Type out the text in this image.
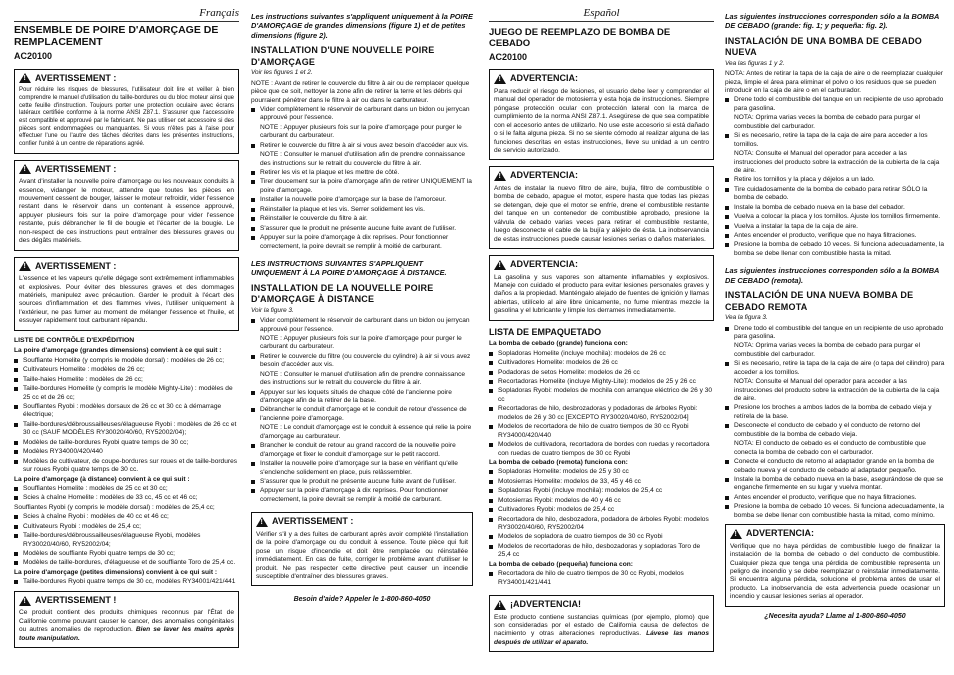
Français
ENSEMBLE DE POIRE D'AMORÇAGE DE REMPLACEMENT
AC20100
! AVERTISSEMENT :

Pour réduire les risques de blessures, l'utilisateur doit lire et veiller à bien comprendre le manuel d'utilisation du taille-bordures ou du bloc moteur ainsi que cette feuille d'instruction. Toujours porter une protection oculaire avec écrans latéraux certifiée conforme à la norme ANSI Z87.1. S'assurer que l'accessoire est compatible et approuvé par le fabricant. Ne pas utiliser cet accessoire si des pièces sont endommagées ou manquantes. Si vous n'êtes pas à l'aise pour effectuer l'une ou l'autre des tâches décrites dans les présentes instructions, confier l'unité à un centre de réparations agréé.

! AVERTISSEMENT :

Avant d'installer la nouvelle poire d'amorçage ou les nouveaux conduits à essence, vidanger le moteur, attendre que toutes les pièces en mouvement cessent de bouger, laisser le moteur refroidir, vider l'essence restant dans le réservoir dans un contenant à essence approuvé, appuyer plusieurs fois sur la poire d'amorçage pour vider l'essence restante, puis débrancher le fil de bougie et l'écarter de la bougie. Le non-respect de ces instructions peut entraîner des blessures graves ou des dégâts matériels.

! AVERTISSEMENT :

L'essence et les vapeurs qu'elle dégage sont extrêmement inflammables et explosives. Pour éviter des blessures graves et des dommages matériels, manipulez avec précaution. Garder le produit à l'écart des sources d'inflammation et des flammes vives, l'utiliser uniquement à l'extérieur, ne pas fumer au moment de mélanger l'essence et l'huile, et essuyer rapidement tout carburant répandu.

LISTE DE CONTRÔLE D'EXPÉDITION
La poire d'amorçage (grandes dimensions) convient à ce qui suit :
Souffiante Homelite (y compris le modèle dorsal) : modèles de 26 cc;
Cultivateurs Homelite : modèles de 26 cc;
Taille-haies Homelite : modèles de 26 cc;
Taille-bordures Homelite (y compris le modèle Mighty-Lite) : modèles de 25 cc et de 26 cc;
Souffiantes Ryobi : modèles dorsaux de 26 cc et 30 cc à démarrage électrique;
Taille-bordures/débroussailleuses/élagueuse Ryobi : modèles de 26 cc et 30 cc (SAUF MODÈLES RY30020/40/60, RY52002/04);
Modèles de taille-bordures Ryobi quatre temps de 30 cc;
Modèles RY34000/420/440
Modèles de cultivateur, de coupe-bordures sur roues et de taille-bordures sur roues Ryobi quatre temps de 30 cc.
La poire d'amorçage (à distance) convient à ce qui suit :
Souffiantes Homelite : modèles de 25 cc et 30 cc;
Scies à chaîne Homelite : modèles de 33 cc, 45 cc et 46 cc;
Souffiantes Ryobi (y compris le modèle dorsal) : modèles de 25,4 cc;
Scies à chaîne Ryobi : modèles de 40 cc et 46 cc;
Cultivateurs Ryobi : modèles de 25,4 cc;
Taille-bordures/débroussailleuses/élagueuse Ryobi, modèles RY30020/40/60, RY52002/04;
Modèles de souffiante Ryobi quatre temps de 30 cc;
Modèles de taille-bordures, d'élagueuse et de souffiante Toro de 25,4 cc.
La poire d'amorçage (petites dimensions) convient à ce qui suit :
Taille-bordures Ryobi quatre temps de 30 cc, modèles RY34001/421/441
! AVERTISSEMENT !

Ce produit contient des produits chimiques reconnus par l'État de Californie comme pouvant causer le cancer, des anomalies congénitales ou autres anomalies de reproduction. Bien se laver les mains après toute manipulation.

Les instructions suivantes s'appliquent uniquement à la POIRE D'AMORÇAGE de grandes dimensions (figure 1) et de petites dimensions (figure 2).
INSTALLATION D'UNE NOUVELLE POIRE D'AMORÇAGE
Voir les figures 1 et 2.
NOTE : Avant de retirer le couvercle du filtre à air ou de remplacer quelque pièce que ce soit, nettoyer la zone afin de retirer la terre et les débris qui pourraient pénétrer dans le filtre à air ou dans le carburateur.
Vider complètement le réservoir de carburant dans un bidon ou jerrycan approuvé pour l'essence.
NOTE : Appuyer plusieurs fois sur la poire d'amorçage pour purger le carburant du carburateur.
Retirer le couvercle du filtre à air si vous avez besoin d'accéder aux vis.
NOTE : Consulter le manuel d'utilisation afin de prendre connaissance des instructions sur le retrait du couvercle du filtre à air.
Retirer les vis et la plaque et les mettre de côté.
Tirer doucement sur la poire d'amorçage afin de retirer UNIQUEMENT la poire d'amorçage.
Installer la nouvelle poire d'amorçage sur la base de l'amorceur.
Réinstaller la plaque et les vis. Serrer solidement les vis.
Réinstaller le couvercle du filtre à air.
S'assurer que le produit ne présente aucune fuite avant de l'utiliser.
Appuyer sur la poire d'amorçage à dix reprises. Pour fonctionner correctement, la poire devrait se remplir à moitié de carburant.
LES INSTRUCTIONS SUIVANTES S'APPLIQUENT UNIQUEMENT À LA POIRE D'AMORÇAGE À DISTANCE.
INSTALLATION DE LA NOUVELLE POIRE D'AMORÇAGE À DISTANCE
Voir la figure 3.
Vider complètement le réservoir de carburant dans un bidon ou jerrycan approuvé pour l'essence.
NOTE : Appuyer plusieurs fois sur la poire d'amorçage pour purger le carburant du carburateur.
Retirer le couvercle du filtre (ou couvercle du cylindre) à air si vous avez besoin d'accéder aux vis.
NOTE : Consulter le manuel d'utilisation afin de prendre connaissance des instructions sur le retrait du couvercle du filtre à air.
Appuyer sur les loquets situés de chaque côté de l'ancienne poire d'amorçage afin de la retirer de la base.
Débrancher le conduit d'amorçage et le conduit de retour d'essence de l'ancienne poire d'amorçage.
NOTE : Le conduit d'amorçage est le conduit à essence qui relie la poire d'amorçage au carburateur.
Brancher le conduit de retour au grand raccord de la nouvelle poire d'amorçage et fixer le conduit d'amorçage sur le petit raccord.
Installer la nouvelle poire d'amorçage sur la base en vérifiant qu'elle s'enclenche solidement en place, puis relâssembler.
S'assurer que le produit ne présente aucune fuite avant de l'utiliser.
Appuyer sur la poire d'amorçage à dix reprises. Pour fonctionner correctement, la poire devrait se remplir à moitié de carburant.
! AVERTISSEMENT :

Vérifier s'il y a des fuites de carburant après avoir complété l'installation de la poire d'amorçage ou du conduit à essence. Toute pièce qui fuit pose un risque d'incendie et doit être remplacée ou réinstallée immédiatement. En cas de fuite, corriger le problème avant d'utiliser le produit. Ne pas respecter cette directive peut causer un incendie susceptible d'entraîner des blessures graves.

Besoin d'aide? Appeler le 1-800-860-4050
Español
JUEGO DE REEMPLAZO DE BOMBA DE CEBADO
AC20100
! ADVERTENCIA:

Para reducir el riesgo de lesiones, el usuario debe leer y comprender el manual del operador de motosierra y esta hoja de instrucciones. Siempre póngase protección ocular con protección lateral con la marca de cumplimiento de la norma ANSI Z87.1. Asegúrese de que sea compatible con el accesorio antes de utilizarlo. No use este accesorio si está dañado o si le falta alguna pieza. Si no se siente cómodo al realizar alguna de las funciones descritas en estas instrucciones, lleve su unidad a un centro de servicio autorizado.

! ADVERTENCIA:

Antes de instalar la nuevo filtro de aire, bujía, filtro de combustible o bomba de cebado, apague el motor, espere hasta que todas las piezas se detengan, deje que el motor se enfríe, drene el combustible restante del tanque en un contenedor de combustible aprobado, presione la válvula de cebado varias veces para retirar el combustible restante, luego desconecte el cable de la bujía y aléjelo de ésta. La inobservancia de estas instrucciones puede causar lesiones serias o daños materiales.

! ADVERTENCIA:

La gasolina y sus vapores son altamente inflamables y explosivos. Maneje con cuidado el producto para evitar lesiones personales graves y daños a la propiedad. Manténgalo alejado de fuentes de ignición y llamas abiertas, utilícelo al aire libre únicamente, no fume mientras mezcle la gasolina y el lubricante y limpie los derrames inmediatamente.

LISTA DE EMPAQUETADO
La bomba de cebado (grande) funciona con:
Sopladoras Homelite (incluye mochila): modelos de 26 cc
Cultivadores Homelite: modelos de 26 cc
Podadoras de setos Homelite: modelos de 26 cc
Recortadoras Homelite (incluye Mighty-Lite): modelos de 25 y 26 cc
Sopladoras Ryobi: modelos de mochila con arranque eléctrico de 26 y 30 cc
Recortadoras de hilo, desbrozadoras y podadoras de árboles Ryobi: modelos de 26 y 30 cc [EXCEPTO RY30020/40/60, RY52002/04]
Modelos de recortadora de hilo de cuatro tiempos de 30 cc Ryobi RY34000/420/440
Modelos de cultivadora, recortadora de bordes con ruedas y recortadora con ruedas de cuatro tiempos de 30 cc Ryobi
La bomba de cebado (remota) funciona con:
Sopladoras Homelite: modelos de 25 y 30 cc
Motosierras Homelite: modelos de 33, 45 y 46 cc
Sopladoras Ryobi (incluye mochila): modelos de 25,4 cc
Motosierras Ryobi: modelos de 40 y 46 cc
Cultivadores Ryobi: modelos de 25,4 cc
Recortadora de hilo, desbozadora, podadora de árboles Ryobi: modelos RY30020/40/60, RY52002/04
Modelos de sopladora de cuatro tiempos de 30 cc Ryobi
Modelos de recortadoras de hilo, desbozadoras y sopladoras Toro de 25,4 cc
La bomba de cebado (pequeña) funciona con:
Recortadora de hilo de cuatro tiempos de 30 cc Ryobi, modelos RY34001/421/441
! ¡ADVERTENCIA!

Este producto contiene sustancias químicas (por ejemplo, plomo) que son consideradas por el estado de California causa de defectos de nacimiento y otras alteraciones reproductivas. Lávese las manos después de utilizar el aparato.

Las siguientes instrucciones corresponden sólo a la BOMBA DE CEBADO (grande: fig. 1; y pequeña: fig. 2).
INSTALACIÓN DE UNA BOMBA DE CEBADO NUEVA
Vea las figuras 1 y 2.
NOTA: Antes de retirar la tapa de la caja de aire o de reemplazar cualquier pieza, limpie el área para eliminar el polvo o los residuos que se pueden introducir en la caja de aire o en el carburador.
Drene todo el combustible del tanque en un recipiente de uso aprobado para gasolina.
NOTA: Oprima varias veces la bomba de cebado para purgar el combustible del carburador.
Si es necesario, retire la tapa de la caja de aire para acceder a los tornillos.
NOTA: Consulte el Manual del operador para acceder a las instrucciones del producto sobre la extracción de la cubierta de la caja de aire.
Retire los tornillos y la placa y déjelos a un lado.
Tire cuidadosamente de la bomba de cebado para retirar SÓLO la bomba de cebado.
Instale la bomba de cebado nueva en la base del cebador.
Vuelva a colocar la placa y los tornillos. Ajuste los tornillos firmemente.
Vuelva a instalar la tapa de la caja de aire.
Antes encender el producto, verifique que no haya filtraciones.
Presione la bomba de cebado 10 veces. Si funciona adecuadamente, la bomba se debe llenar con combustible hasta la mitad.
Las siguientes instrucciones corresponden sólo a la BOMBA DE CEBADO (remota).
INSTALACIÓN DE UNA NUEVA BOMBA DE CEBADO REMOTA
Vea la figura 3.
Drene todo el combustible del tanque en un recipiente de uso aprobado para gasolina.
NOTA: Oprima varias veces la bomba de cebado para purgar el combustible del carburador.
Si es necesario, retire la tapa de la caja de aire (o tapa del cilindro) para acceder a los tornillos.
NOTA: Consulte el Manual del operador para acceder a las instrucciones del producto sobre la extracción de la cubierta de la caja de aire.
Presione los broches a ambos lados de la bomba de cebado vieja y retírela de la base.
Desconecte el conducto de cebado y el conducto de retorno del combustible de la bomba de cebado vieja.
NOTA: El conducto de cebado es el conducto de combustible que conecta la bomba de cebado con el carburador.
Conecte el conducto de retorno al adaptador grande en la bomba de cebado nueva y el conducto de cebado al adaptador pequeño.
Instale la bomba de cebado nueva en la base, asegurándose de que se enganche firmemente en su lugar y vuelva montar.
Antes encender el producto, verifique que no haya filtraciones.
Presione la bomba de cebado 10 veces. Si funciona adecuadamente, la bomba se debe llenar con combustible hasta la mitad, como mínimo.
! ADVERTENCIA:

Verifique que no haya pérdidas de combustible luego de finalizar la instalación de la bomba de cebado o del conducto de combustible. Cualquier pieza que tenga una pérdida de combustible representa un peligro de incendio y se debe reemplazar o reinstalar inmediatamente. Si encuentra alguna pérdida, solucione el problema antes de usar el producto. La inobservancia de esta advertencia puede ocasionar un incendio y causar lesiones serias al operador.

¿Necesita ayuda? Llame al 1-800-860-4050
